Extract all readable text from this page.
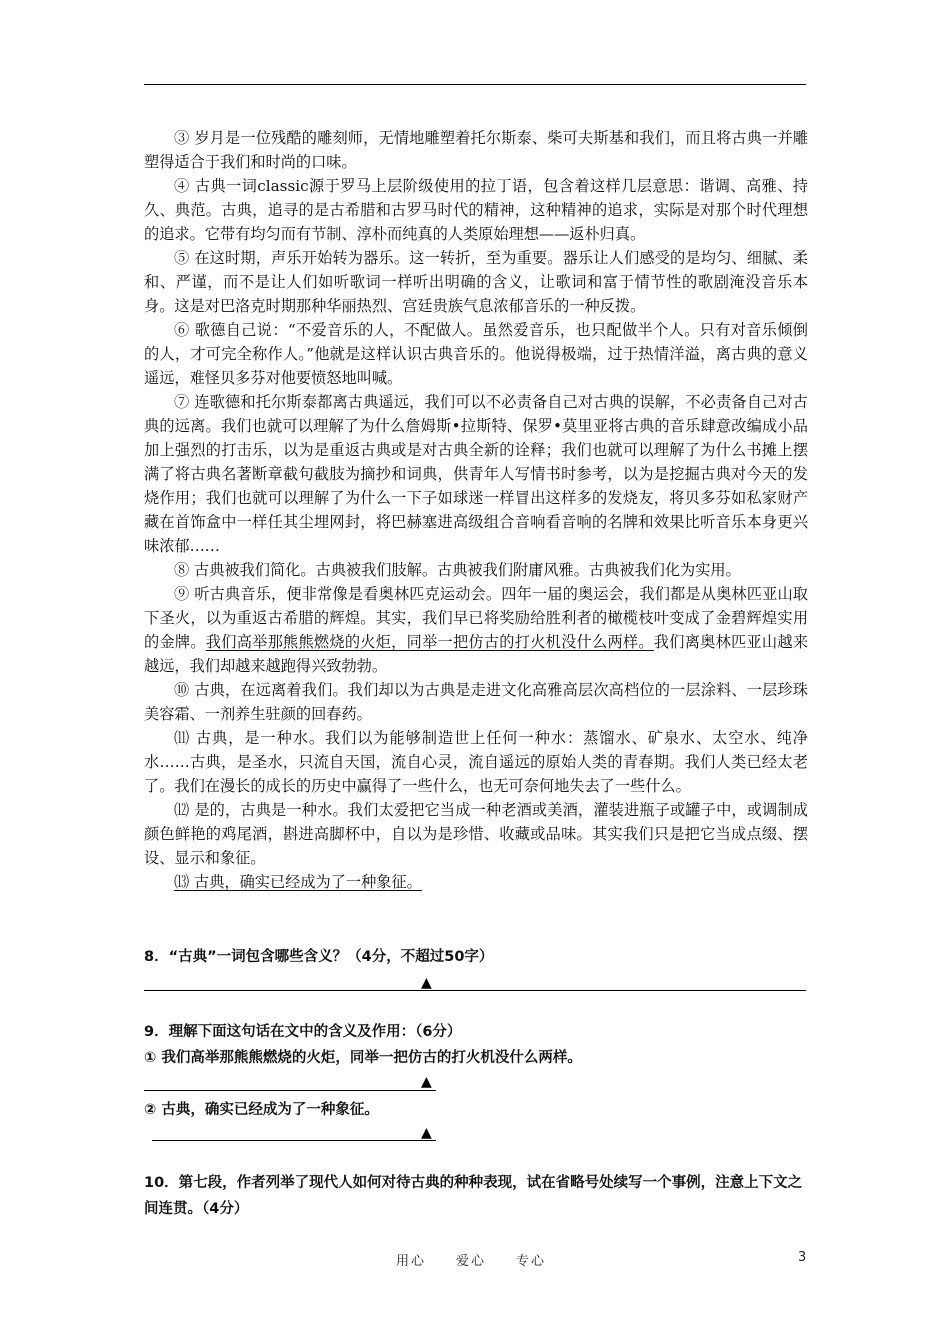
③ 岁月是一位残酷的雕刻师，无情地雕塑着托尔斯泰、柴可夫斯基和我们，而且将古典一并雕塑得适合于我们和时尚的口味。

④ 古典一词classic源于罗马上层阶级使用的拉丁语，包含着这样几层意思：谐调、高雅、持久、典范。古典，追寻的是古希腊和古罗马时代的精神，这种精神的追求，实际是对那个时代理想的追求。它带有均匀而有节制、淳朴而纯真的人类原始理想——返朴归真。

⑤ 在这时期，声乐开始转为器乐。这一转折，至为重要。器乐让人们感受的是均匀、细腻、柔和、严谨，而不是让人们如听歌词一样听出明确的含义，让歌词和富于情节性的歌剧淹没音乐本身。这是对巴洛克时期那种华丽热烈、宫廷贵族气息浓郁音乐的一种反拨。

⑥ 歌德自己说：“不爱音乐的人，不配做人。虽然爱音乐，也只配做半个人。只有对音乐倾倒的人，才可完全称作人。”他就是这样认识古典音乐的。他说得极端，过于热情洋溢，离古典的意义遥远，难怪贝多芬对他要愤怒地叫喊。

⑦ 连歌德和托尔斯泰都离古典遥远，我们可以不必责备自己对古典的误解，不必责备自己对古典的远离。我们也就可以理解了为什么詹姆斯•拉斯特、保罗•莫里亚将古典的音乐肆意改编成小品加上强烈的打击乐，以为是重返古典或是对古典全新的诠释；我们也就可以理解了为什么书摊上摆满了将古典名著断章截句截肢为摘抄和词典，供青年人写情书时参考，以为是挖掘古典对今天的发烧作用；我们也就可以理解了为什么一下子如球迷一样冒出这样多的发烧友，将贝多芬如私家财产藏在首饰盒中一样任其尘埋网封，将巴赫塞进高级组合音响看音响的名牌和效果比听音乐本身更兴味浓郁……

⑧ 古典被我们简化。古典被我们肢解。古典被我们附庸风雅。古典被我们化为实用。

⑨ 听古典音乐，便非常像是看奥林匹克运动会。四年一届的奥运会，我们都是从奥林匹亚山取下圣火，以为重返古希腊的辉煌。其实，我们早已将奖励给胜利者的橄榄枝叶变成了金碧辉煌实用的金牌。我们高举那熊熊燃烧的火炬，同举一把仿古的打火机没什么两样。我们离奥林匹亚山越来越远，我们却越来越跑得兴致勃勃。

⑩ 古典，在远离着我们。我们却以为古典是走进文化高雅高层次高档位的一层涂料、一层珍珠美容霜、一剂养生驻颜的回春药。

⑾ 古典，是一种水。我们以为能够制造世上任何一种水：蒸馏水、矿泉水、太空水、纯净水……古典，是圣水，只流自天国，流自心灵，流自遥远的原始人类的青春期。我们人类已经太老了。我们在漫长的成长的历史中赢得了一些什么，也无可奈何地失去了一些什么。

⑿ 是的，古典是一种水。我们太爱把它当成一种老酒或美酒，灌装进瓶子或罐子中，或调制成颜色鲜艳的鸡尾酒，斟进高脚杯中，自以为是珍惜、收藏或品味。其实我们只是把它当成点缀、摆设、显示和象征。

⒀ 古典，确实已经成为了一种象征。

8．“古典”一词包含哪些含义？（4分，不超过50字）
▲
9．理解下面这句话在文中的含义及作用：（6分）
① 我们高举那熊熊燃烧的火炬，同举一把仿古的打火机没什么两样。
▲
② 古典，确实已经成为了一种象征。
▲
10．第七段，作者列举了现代人如何对待古典的种种表现，试在省略号处续写一个事例，注意上下文之间连贯。（4分）
用心　　爱心　　专心	3
